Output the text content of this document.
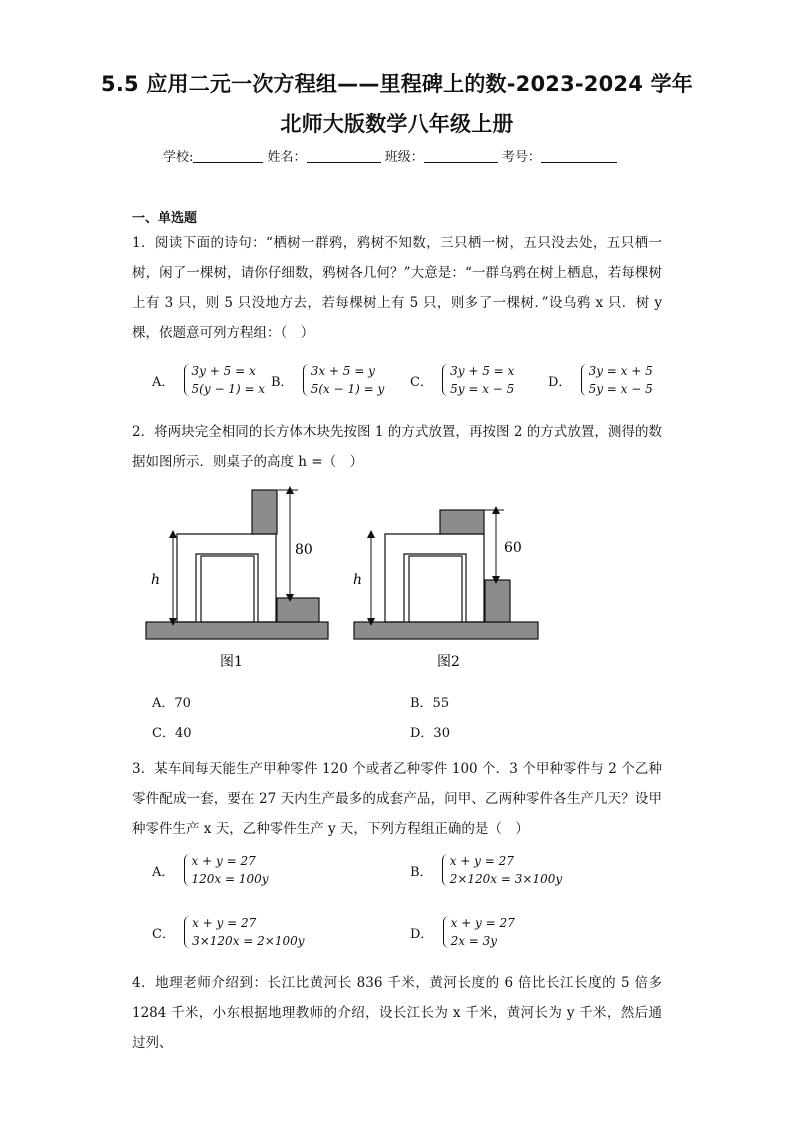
5.5 应用二元一次方程组——里程碑上的数-2023-2024 学年
北师大版数学八年级上册
学校:	姓名：	班级：	考号：
一、单选题
1．阅读下面的诗句：“栖树一群鸦，鸦树不知数，三只栖一树，五只没去处，五只栖一树，闲了一棵树，请你仔细数，鸦树各几何？”大意是：“一群乌鸦在树上栖息，若每棵树上有 3 只，则 5 只没地方去，若每棵树上有 5 只，则多了一棵树．”设乌鸦 x 只．树 y 棵，依题意可列方程组：（　）
A．
3y + 5 = x
5(y − 1) = x B．
3x + 5 = y
5(x − 1) = y C．
3y + 5 = x
5y = x − 5	D．
3y = x + 5
5y = x − 5
2．将两块完全相同的长方体木块先按图 1 的方式放置，再按图 2 的方式放置，测得的数据如图所示．则桌子的高度 h =（　）
h
80
图1
h
60
图2
A．70	B．55
C．40	D．30
3．某车间每天能生产甲种零件 120 个或者乙种零件 100 个．3 个甲种零件与 2 个乙种零件配成一套，要在 27 天内生产最多的成套产品，问甲、乙两种零件各生产几天？设甲种零件生产 x 天，乙种零件生产 y 天，下列方程组正确的是（　）
A．
x + y = 27
120x = 100y	B．
x + y = 27
2×120x = 3×100y
C．
x + y = 27
3×120x = 2×100y	D．
x + y = 27
2x = 3y
4．地理老师介绍到：长江比黄河长 836 千米，黄河长度的 6 倍比长江长度的 5 倍多 1284 千米，小东根据地理教师的介绍，设长江长为 x 千米，黄河长为 y 千米，然后通过列、
